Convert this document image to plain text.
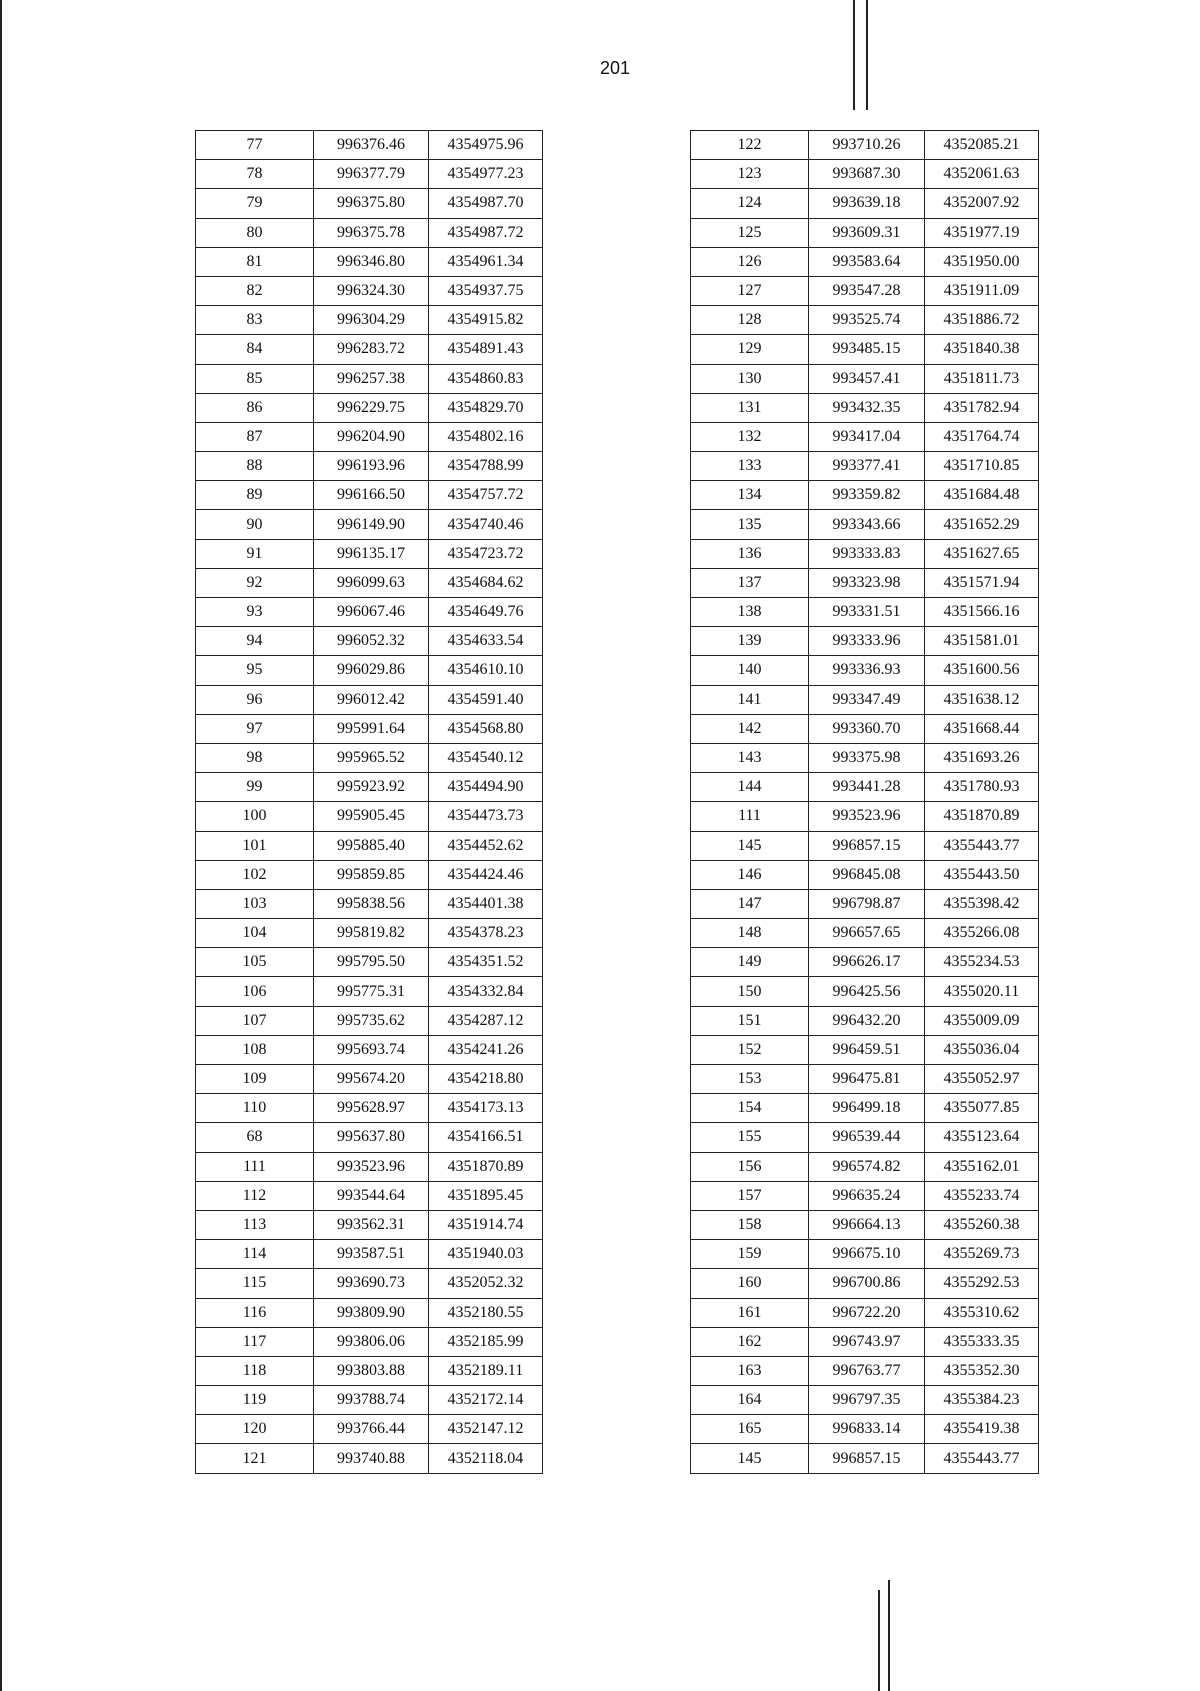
201
77	996376.46	4354975.96
78	996377.79	4354977.23
79	996375.80	4354987.70
80	996375.78	4354987.72
81	996346.80	4354961.34
82	996324.30	4354937.75
83	996304.29	4354915.82
84	996283.72	4354891.43
85	996257.38	4354860.83
86	996229.75	4354829.70
87	996204.90	4354802.16
88	996193.96	4354788.99
89	996166.50	4354757.72
90	996149.90	4354740.46
91	996135.17	4354723.72
92	996099.63	4354684.62
93	996067.46	4354649.76
94	996052.32	4354633.54
95	996029.86	4354610.10
96	996012.42	4354591.40
97	995991.64	4354568.80
98	995965.52	4354540.12
99	995923.92	4354494.90
100	995905.45	4354473.73
101	995885.40	4354452.62
102	995859.85	4354424.46
103	995838.56	4354401.38
104	995819.82	4354378.23
105	995795.50	4354351.52
106	995775.31	4354332.84
107	995735.62	4354287.12
108	995693.74	4354241.26
109	995674.20	4354218.80
110	995628.97	4354173.13
68	995637.80	4354166.51
111	993523.96	4351870.89
112	993544.64	4351895.45
113	993562.31	4351914.74
114	993587.51	4351940.03
115	993690.73	4352052.32
116	993809.90	4352180.55
117	993806.06	4352185.99
118	993803.88	4352189.11
119	993788.74	4352172.14
120	993766.44	4352147.12
121	993740.88	4352118.04
122	993710.26	4352085.21
123	993687.30	4352061.63
124	993639.18	4352007.92
125	993609.31	4351977.19
126	993583.64	4351950.00
127	993547.28	4351911.09
128	993525.74	4351886.72
129	993485.15	4351840.38
130	993457.41	4351811.73
131	993432.35	4351782.94
132	993417.04	4351764.74
133	993377.41	4351710.85
134	993359.82	4351684.48
135	993343.66	4351652.29
136	993333.83	4351627.65
137	993323.98	4351571.94
138	993331.51	4351566.16
139	993333.96	4351581.01
140	993336.93	4351600.56
141	993347.49	4351638.12
142	993360.70	4351668.44
143	993375.98	4351693.26
144	993441.28	4351780.93
111	993523.96	4351870.89
145	996857.15	4355443.77
146	996845.08	4355443.50
147	996798.87	4355398.42
148	996657.65	4355266.08
149	996626.17	4355234.53
150	996425.56	4355020.11
151	996432.20	4355009.09
152	996459.51	4355036.04
153	996475.81	4355052.97
154	996499.18	4355077.85
155	996539.44	4355123.64
156	996574.82	4355162.01
157	996635.24	4355233.74
158	996664.13	4355260.38
159	996675.10	4355269.73
160	996700.86	4355292.53
161	996722.20	4355310.62
162	996743.97	4355333.35
163	996763.77	4355352.30
164	996797.35	4355384.23
165	996833.14	4355419.38
145	996857.15	4355443.77
